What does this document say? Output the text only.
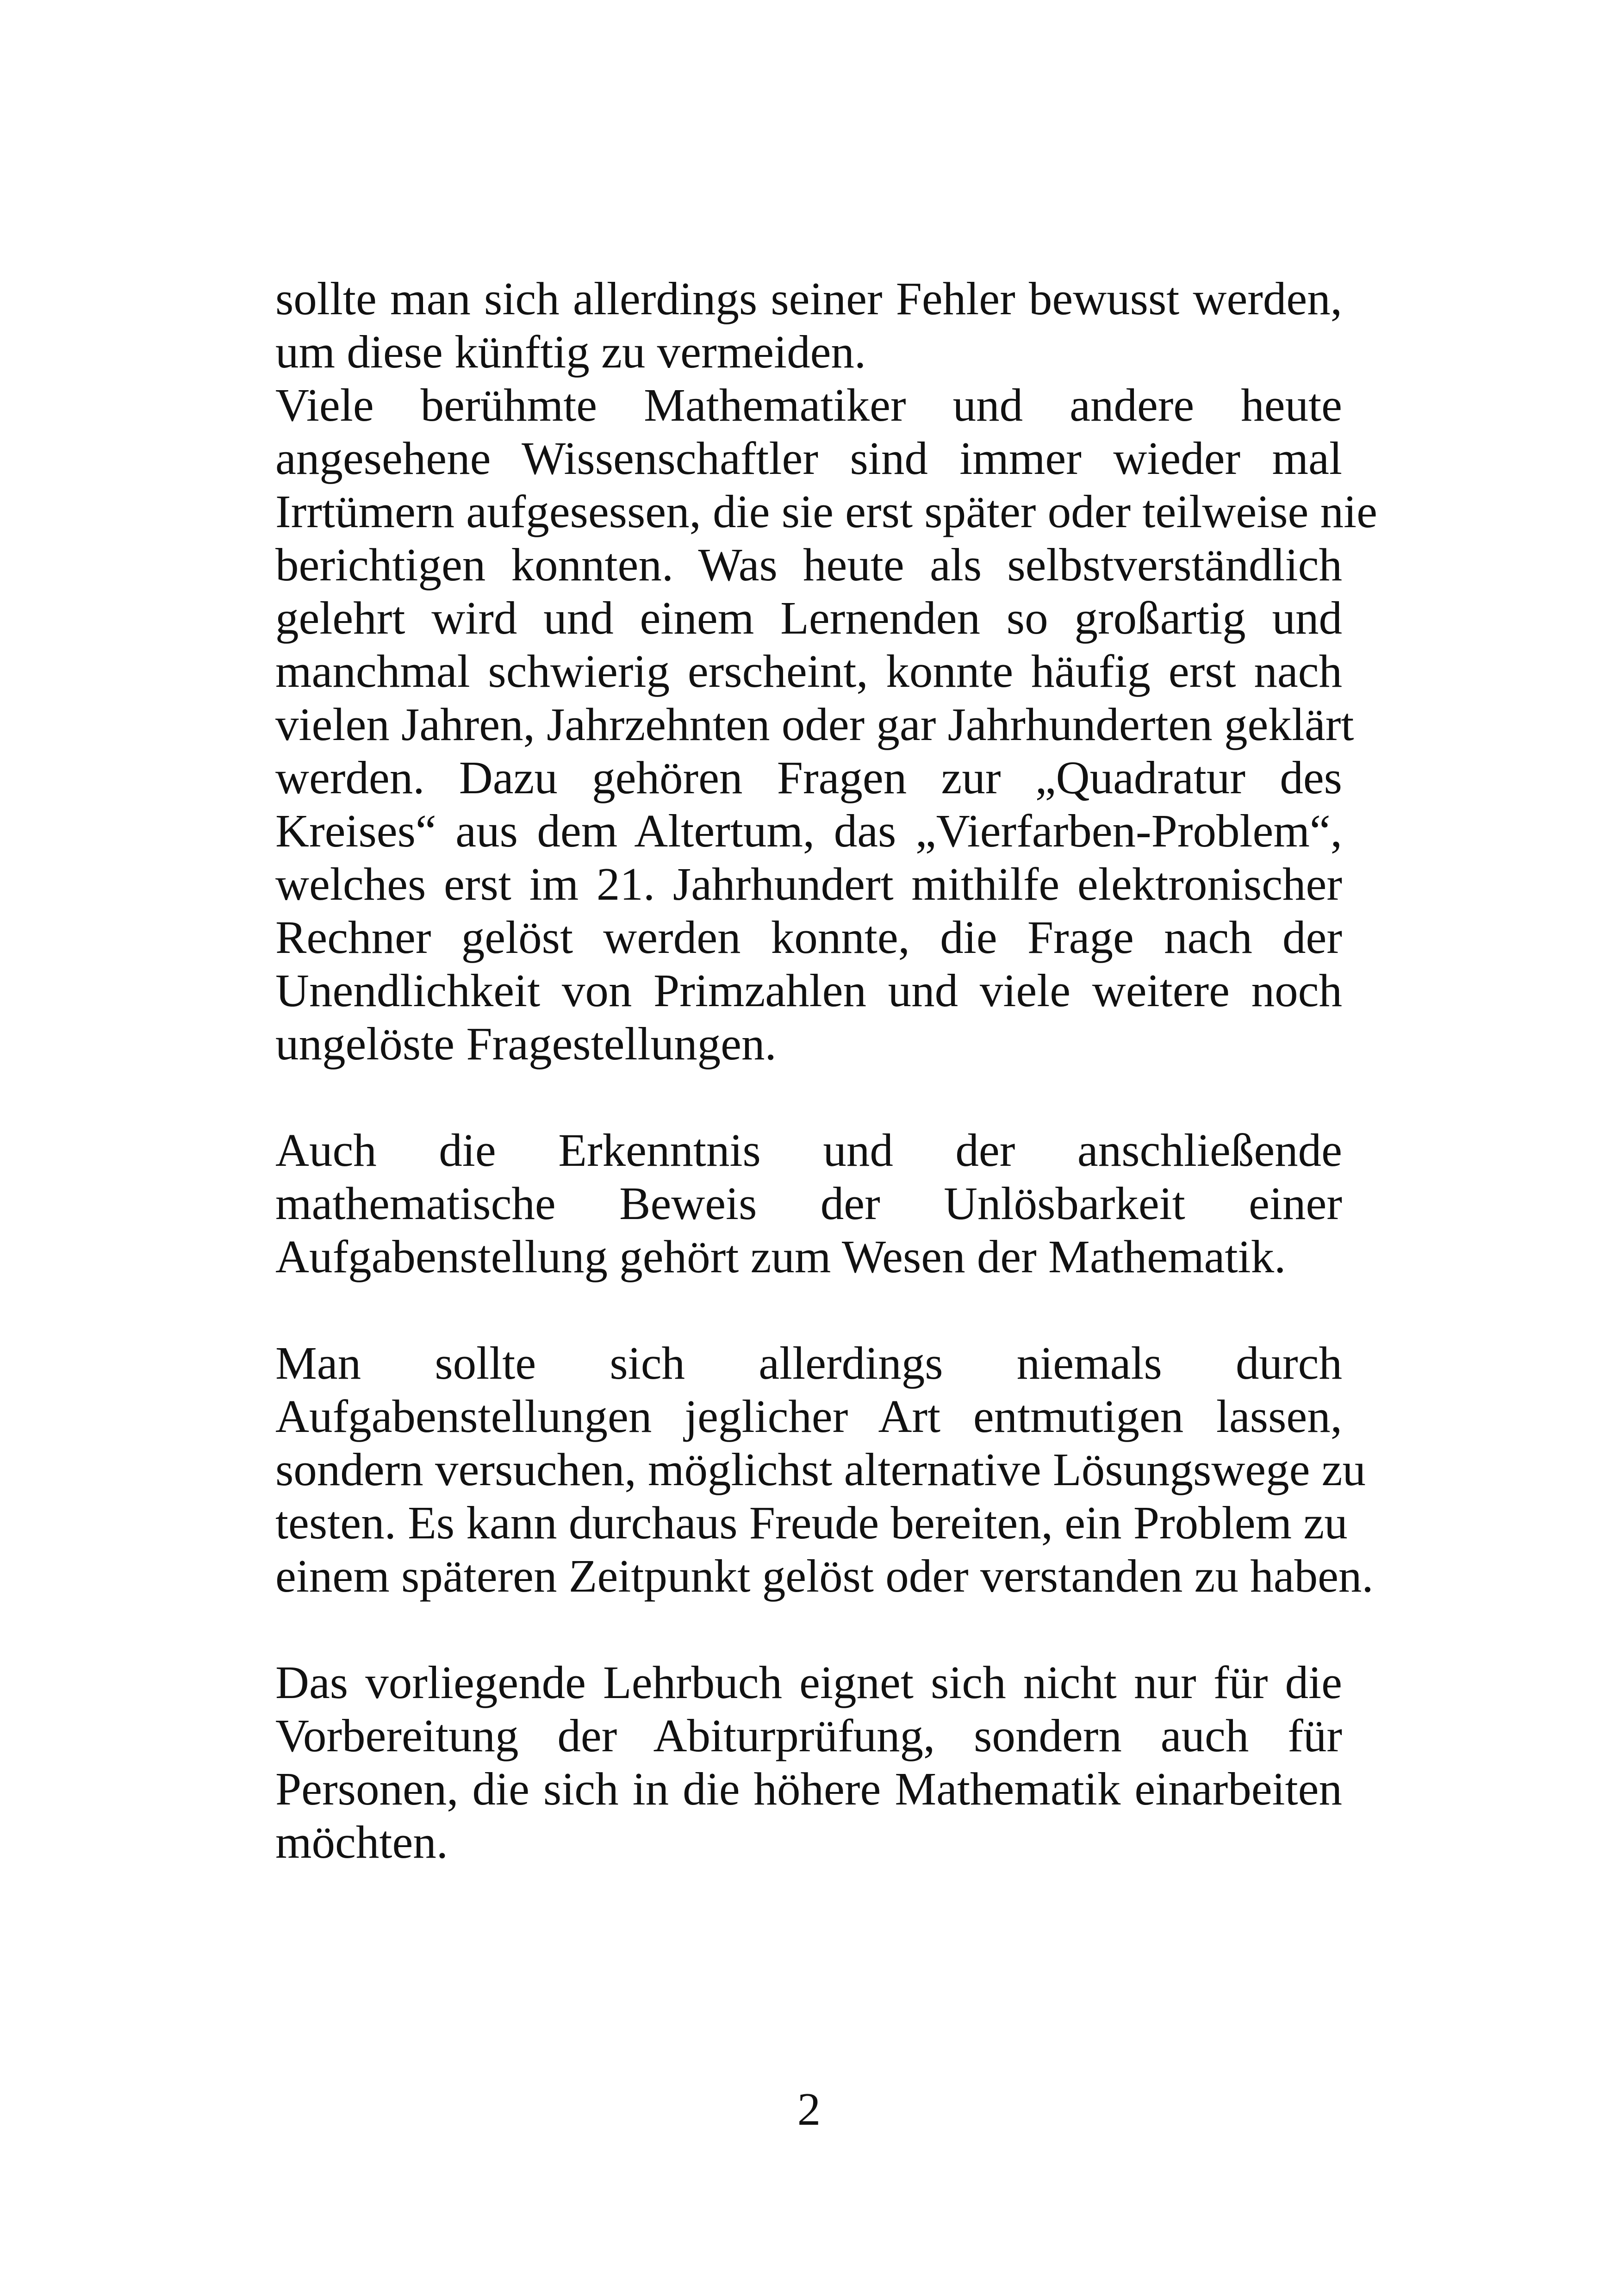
sollte man sich allerdings seiner Fehler bewusst werden,
um diese künftig zu vermeiden.
Viele berühmte Mathematiker und andere heute
angesehene Wissenschaftler sind immer wieder mal
Irrtümern aufgesessen, die sie erst später oder teilweise nie
berichtigen konnten. Was heute als selbstverständlich
gelehrt wird und einem Lernenden so großartig und
manchmal schwierig erscheint, konnte häufig erst nach
vielen Jahren, Jahrzehnten oder gar Jahrhunderten geklärt
werden. Dazu gehören Fragen zur „Quadratur des
Kreises“ aus dem Altertum, das „Vierfarben-Problem“,
welches erst im 21. Jahrhundert mithilfe elektronischer
Rechner gelöst werden konnte, die Frage nach der
Unendlichkeit von Primzahlen und viele weitere noch
ungelöste Fragestellungen.
Auch die Erkenntnis und der anschließende
mathematische Beweis der Unlösbarkeit einer
Aufgabenstellung gehört zum Wesen der Mathematik.
Man sollte sich allerdings niemals durch
Aufgabenstellungen jeglicher Art entmutigen lassen,
sondern versuchen, möglichst alternative Lösungswege zu
testen. Es kann durchaus Freude bereiten, ein Problem zu
einem späteren Zeitpunkt gelöst oder verstanden zu haben.
Das vorliegende Lehrbuch eignet sich nicht nur für die
Vorbereitung der Abiturprüfung, sondern auch für
Personen, die sich in die höhere Mathematik einarbeiten
möchten.
2
